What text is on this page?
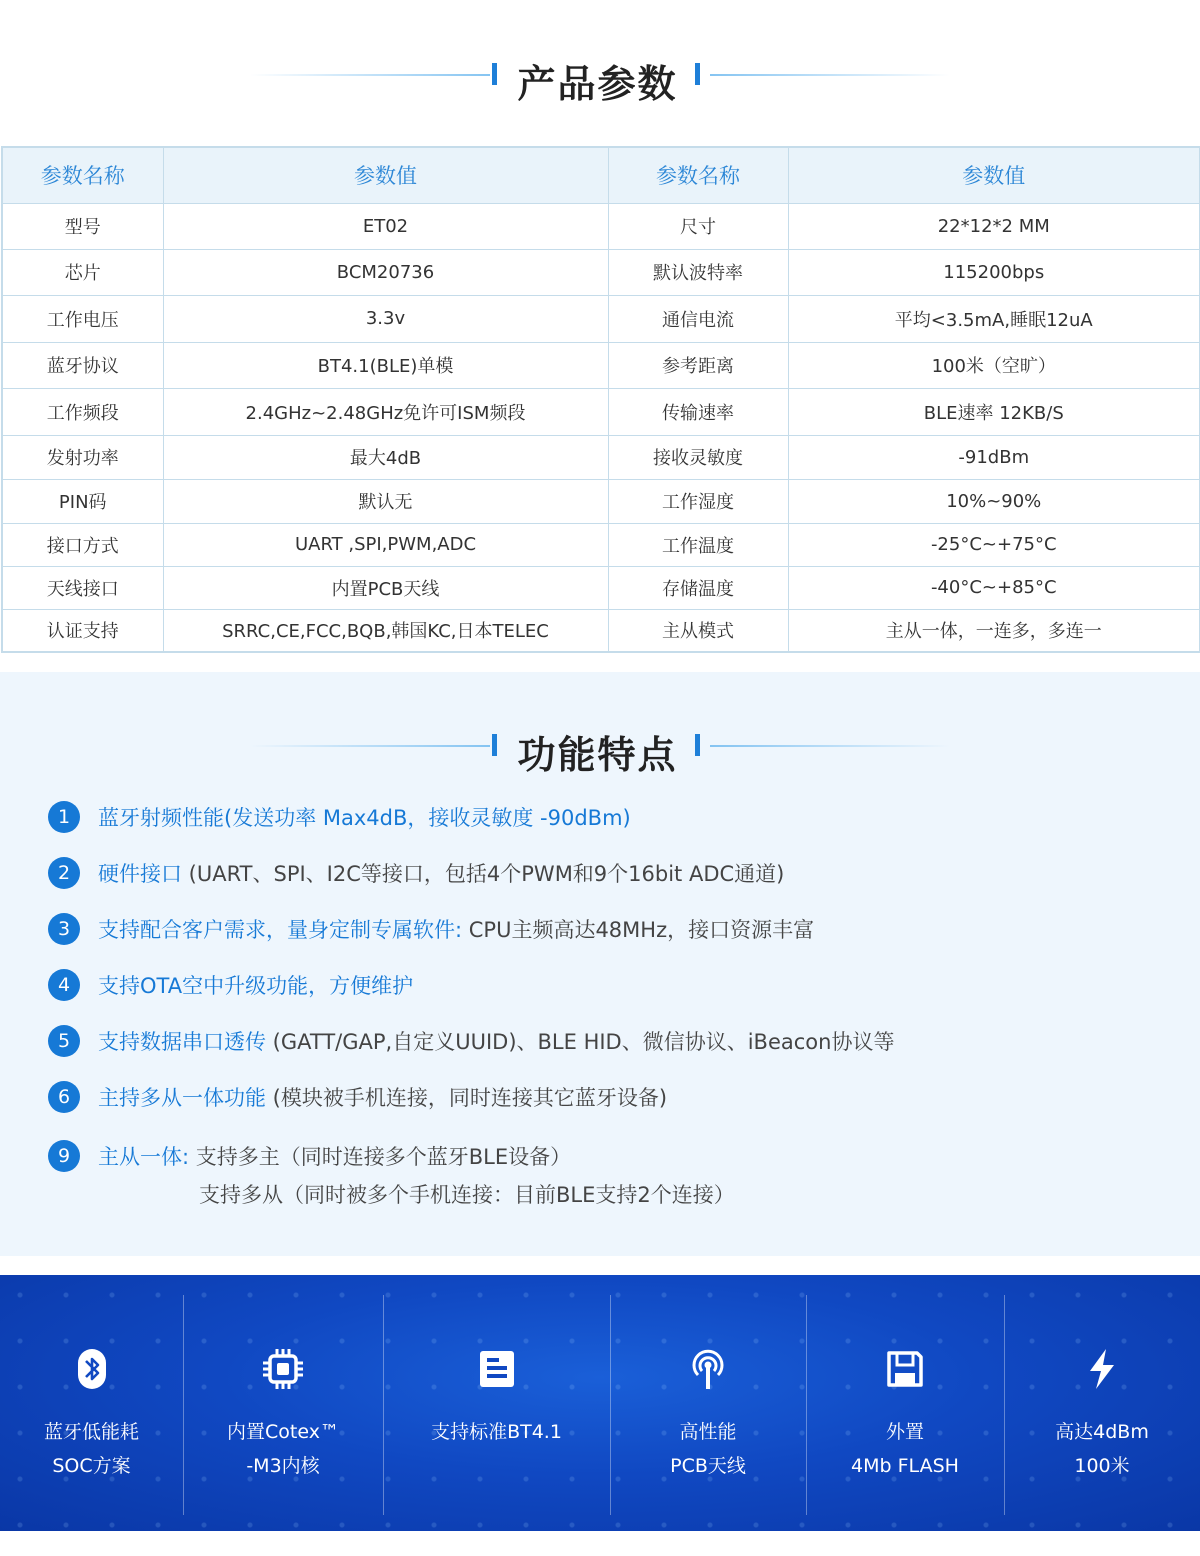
产品参数
参数名称	参数值	参数名称	参数值
型号	ET02	尺寸	22*12*2 MM
芯片	BCM20736	默认波特率	115200bps
工作电压	3.3v	通信电流	平均<3.5mA,睡眠12uA
蓝牙协议	BT4.1(BLE)单模	参考距离	100米（空旷）
工作频段	2.4GHz~2.48GHz免许可ISM频段	传输速率	BLE速率 12KB/S
发射功率	最大4dB	接收灵敏度	-91dBm
PIN码	默认无	工作湿度	10%~90%
接口方式	UART ,SPI,PWM,ADC	工作温度	-25°C~+75°C
天线接口	内置PCB天线	存储温度	-40°C~+85°C
认证支持	SRRC,CE,FCC,BQB,韩国KC,日本TELEC	主从模式	主从一体，一连多，多连一
功能特点
1	蓝牙射频性能(发送功率 Max4dB，接收灵敏度 -90dBm)
2	硬件接口 (UART、SPI、I2C等接口，包括4个PWM和9个16bit ADC通道)
3	支持配合客户需求，量身定制专属软件: CPU主频高达48MHz，接口资源丰富
4	支持OTA空中升级功能，方便维护
5	支持数据串口透传 (GATT/GAP,自定义UUID)、BLE HID、微信协议、iBeacon协议等
6	主持多从一体功能 (模块被手机连接，同时连接其它蓝牙设备)
9	主从一体: 支持多主（同时连接多个蓝牙BLE设备）
支持多从（同时被多个手机连接：目前BLE支持2个连接）
蓝牙低能耗
SOC方案
内置Cotex™
-M3内核
支持标准BT4.1	高性能
PCB天线
外置
4Mb FLASH
高达4dBm
100米
